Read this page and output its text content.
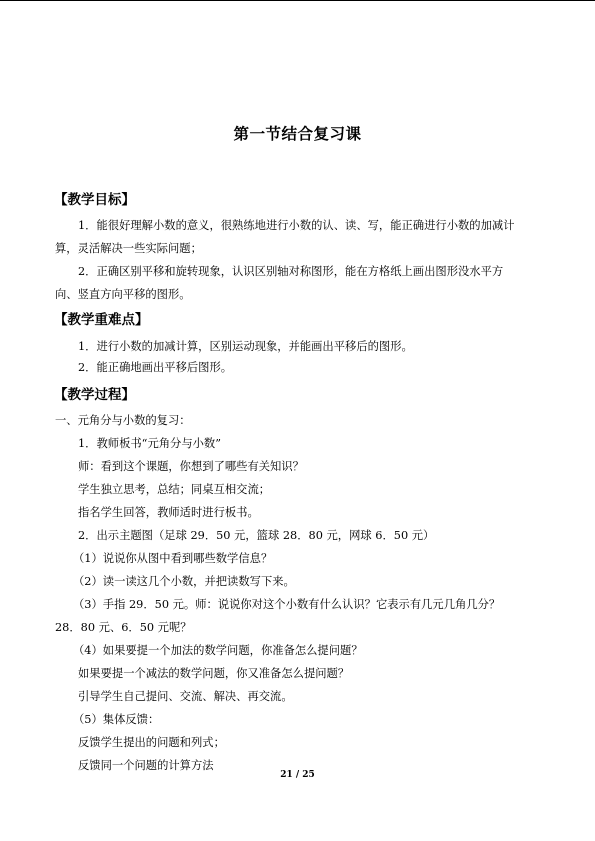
第一节结合复习课
【教学目标】
1．能很好理解小数的意义，很熟练地进行小数的认、读、写，能正确进行小数的加减计
算，灵活解决一些实际问题；
2．正确区别平移和旋转现象，认识区别轴对称图形，能在方格纸上画出图形没水平方
向、竖直方向平移的图形。
【教学重难点】
1．进行小数的加减计算，区别运动现象，并能画出平移后的图形。
2．能正确地画出平移后图形。
【教学过程】
一、元角分与小数的复习：
1．教师板书“元角分与小数”
师：看到这个课题，你想到了哪些有关知识？
学生独立思考，总结；同桌互相交流；
指名学生回答，教师适时进行板书。
2．出示主题图（足球 29．50 元，篮球 28．80 元，网球 6．50 元）
（1）说说你从图中看到哪些数学信息？
（2）读一读这几个小数，并把读数写下来。
（3）手指 29．50 元。师：说说你对这个小数有什么认识？它表示有几元几角几分？
28．80 元、6．50 元呢？
（4）如果要提一个加法的数学问题，你准备怎么提问题？
如果要提一个减法的数学问题，你又准备怎么提问题？
引导学生自己提问、交流、解决、再交流。
（5）集体反馈：
反馈学生提出的问题和列式；
反馈同一个问题的计算方法
21 / 25
